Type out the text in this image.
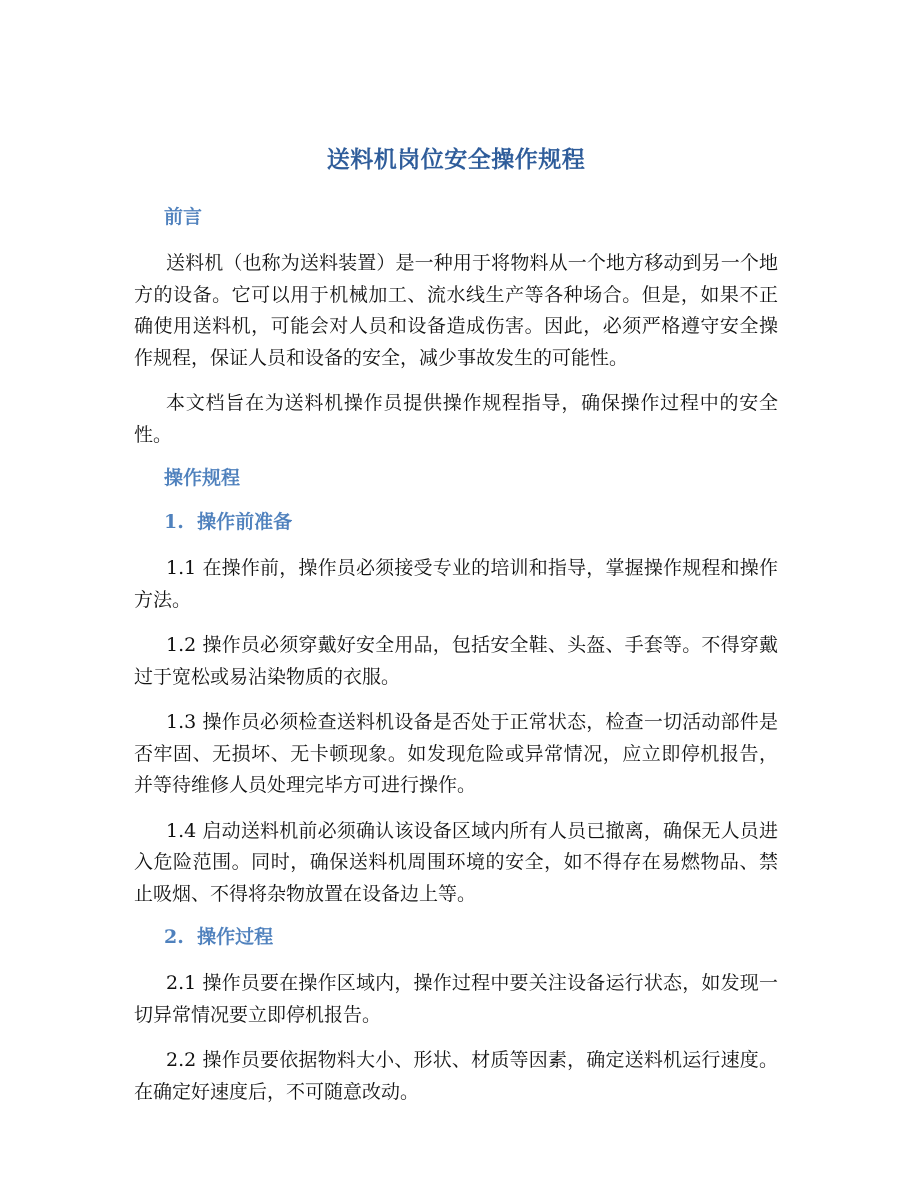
送料机岗位安全操作规程
前言

送料机（也称为送料装置）是一种用于将物料从一个地方移动到另一个地方的设备。它可以用于机械加工、流水线生产等各种场合。但是，如果不正确使用送料机，可能会对人员和设备造成伤害。因此，必须严格遵守安全操作规程，保证人员和设备的安全，减少事故发生的可能性。

本文档旨在为送料机操作员提供操作规程指导，确保操作过程中的安全性。

操作规程
1.  操作前准备

1.1 在操作前，操作员必须接受专业的培训和指导，掌握操作规程和操作方法。

1.2 操作员必须穿戴好安全用品，包括安全鞋、头盔、手套等。不得穿戴过于宽松或易沾染物质的衣服。

1.3 操作员必须检查送料机设备是否处于正常状态，检查一切活动部件是否牢固、无损坏、无卡顿现象。如发现危险或异常情况，应立即停机报告，并等待维修人员处理完毕方可进行操作。

1.4 启动送料机前必须确认该设备区域内所有人员已撤离，确保无人员进入危险范围。同时，确保送料机周围环境的安全，如不得存在易燃物品、禁止吸烟、不得将杂物放置在设备边上等。

2.  操作过程

2.1 操作员要在操作区域内，操作过程中要关注设备运行状态，如发现一切异常情况要立即停机报告。

2.2 操作员要依据物料大小、形状、材质等因素，确定送料机运行速度。在确定好速度后，不可随意改动。
